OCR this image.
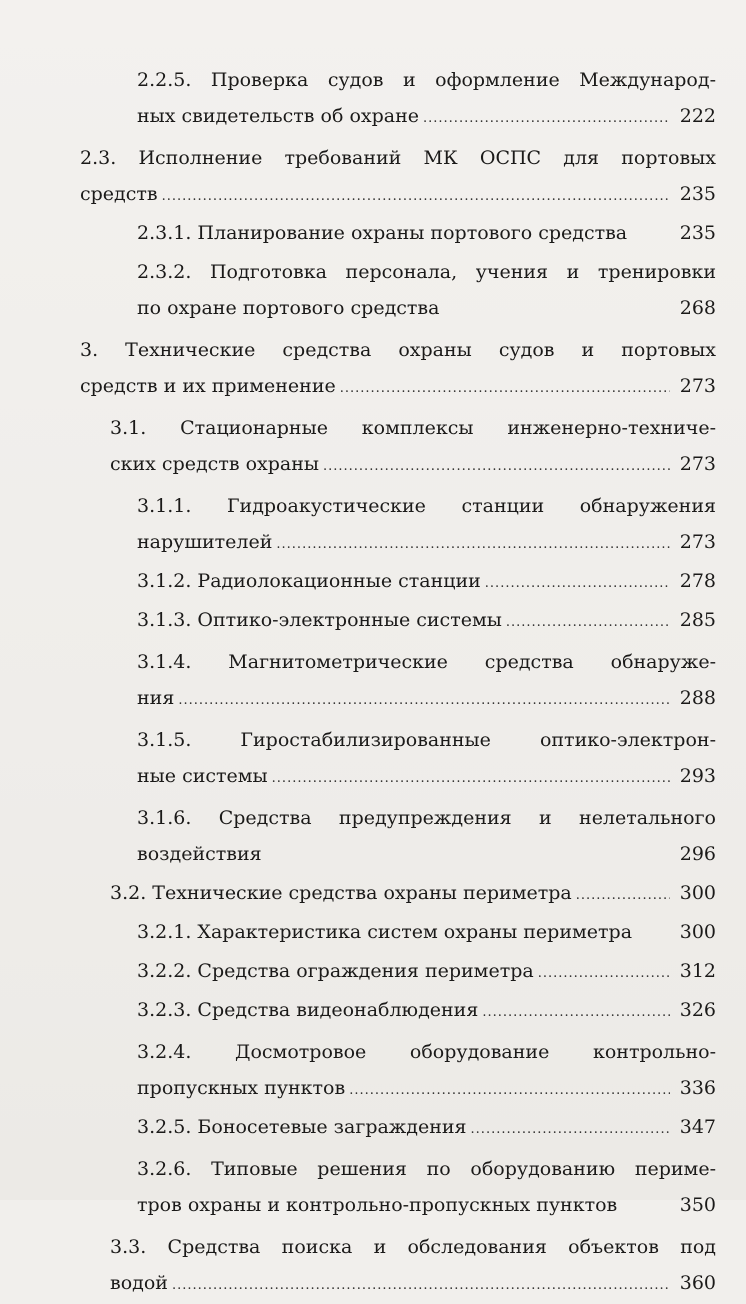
2.2.5. Проверка судов и оформление Международ-
ных свидетельств об охране .....	222
2.3. Исполнение требований МК ОСПС для портовых
средств .....	235
2.3.1. Планирование охраны портового средства	235
2.3.2. Подготовка персонала, учения и тренировки
по охране портового средства	268
3. Технические средства охраны судов и портовых
средств и их применение .....	273
3.1. Стационарные комплексы инженерно-техниче-
ских средств охраны .....	273
3.1.1. Гидроакустические станции обнаружения
нарушителей .....	273
3.1.2. Радиолокационные станции .....	278
3.1.3. Оптико-электронные системы .....	285
3.1.4. Магнитометрические средства обнаруже-
ния .....	288
3.1.5. Гиростабилизированные оптико-электрон-
ные системы .....	293
3.1.6. Средства предупреждения и нелетального
воздействия	296
3.2. Технические средства охраны периметра .....	300
3.2.1. Характеристика систем охраны периметра	300
3.2.2. Средства ограждения периметра .....	312
3.2.3. Средства видеонаблюдения .....	326
3.2.4. Досмотровое оборудование контрольно-
пропускных пунктов .....	336
3.2.5. Боносетевые заграждения .....	347
3.2.6. Типовые решения по оборудованию периме-
тров охраны и контрольно-пропускных пунктов	350
3.3. Средства поиска и обследования объектов под
водой .....	360
